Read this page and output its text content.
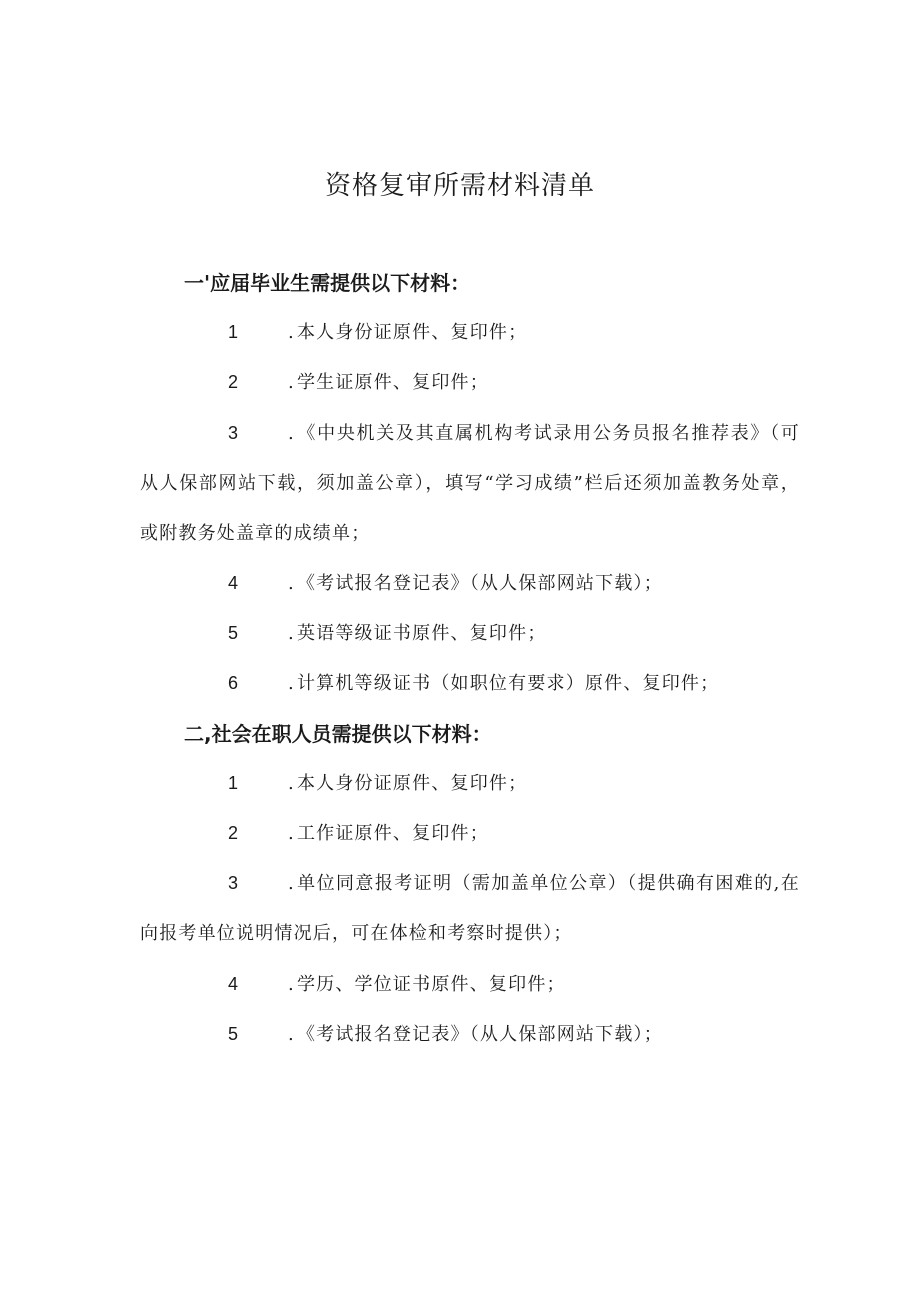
资格复审所需材料清单

一'应届毕业生需提供以下材料：

1	. 本人身份证原件、复印件；

2	. 学生证原件、复印件；

3	. 《中央机关及其直属机构考试录用公务员报名推荐表》（可从人保部网站下载，须加盖公章），填写“学习成绩”栏后还须加盖教务处章，或附教务处盖章的成绩单；

4	. 《考试报名登记表》（从人保部网站下载）；

5	. 英语等级证书原件、复印件；

6	. 计算机等级证书（如职位有要求）原件、复印件；

二,社会在职人员需提供以下材料：

1	. 本人身份证原件、复印件；

2	. 工作证原件、复印件；

3	. 单位同意报考证明（需加盖单位公章）（提供确有困难的,在向报考单位说明情况后，可在体检和考察时提供）；

4	. 学历、学位证书原件、复印件；

5	. 《考试报名登记表》（从人保部网站下载）；
